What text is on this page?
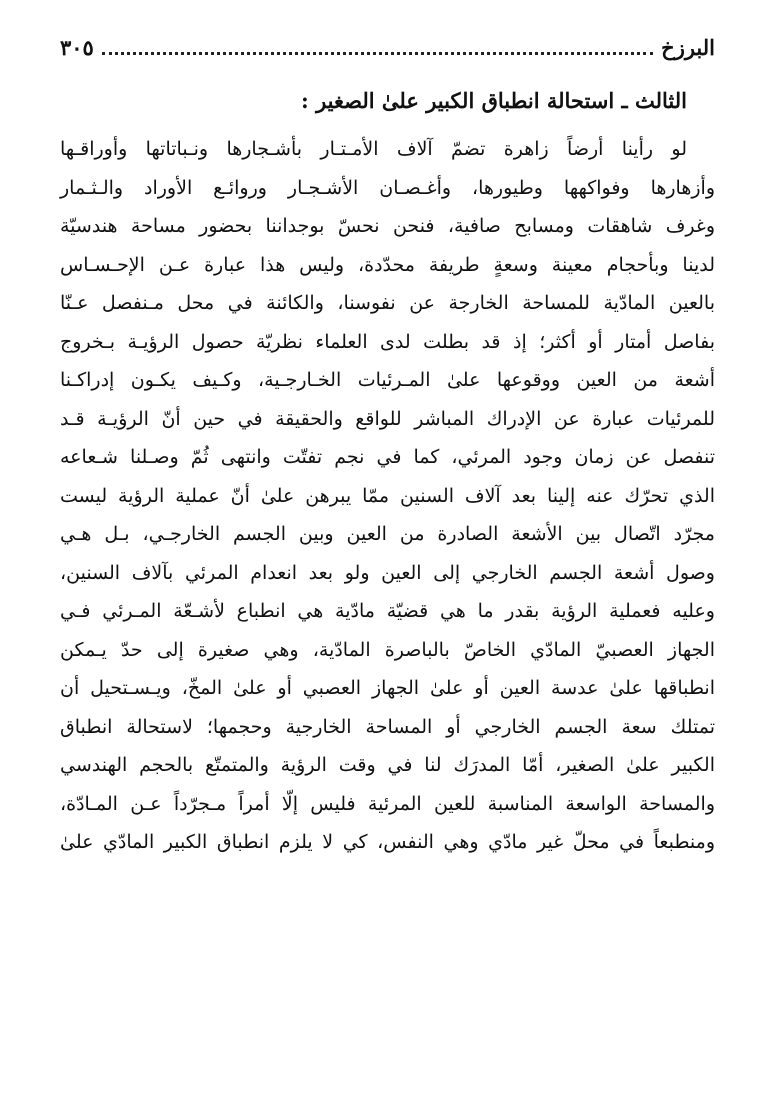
البرزخ
٣٠٥
الثالث ـ استحالة انطباق الكبير علىٰ الصغير :
لو رأينا أرضاً زاهرة تضمّ آلاف الأمـتـار بأشـجارها ونـباتاتها وأوراقـها
وأزهارها وفواكهها وطيورها، وأغـصـان الأشـجـار وروائـع الأوراد والـثـمار
وغرف شاهقات ومسابح صافية، فنحن نحسّ بوجداننا بحضور مساحة هندسيّة
لدينا وبأحجام معينة وسعةٍ طريفة محدّدة، وليس هذا عبارة عـن الإحـسـاس
بالعين المادّية للمساحة الخارجة عن نفوسنا، والكائنة في محل مـنفصل عـنّا
بفاصل أمتار أو أكثر؛ إذ قد بطلت لدى العلماء نظريّة حصول الرؤيـة بـخروج
أشعة من العين ووقوعها علىٰ المـرئيات الخـارجـية، وكـيف يكـون إدراكـنا
للمرئيات عبارة عن الإدراك المباشر للواقع والحقيقة في حين أنّ الرؤيـة قـد
تنفصل عن زمان وجود المرئي، كما في نجم تفتّت وانتهى ثُمّ وصـلنا شـعاعه
الذي تحرّك عنه إلينا بعد آلاف السنين ممّا يبرهن علىٰ أنّ عملية الرؤية ليست
مجرّد اتّصال بين الأشعة الصادرة من العين وبين الجسم الخارجـي، بـل هـي
وصول أشعة الجسم الخارجي إلى العين ولو بعد انعدام المرئي بآلاف السنين،
وعليه فعملية الرؤية بقدر ما هي قضيّة مادّية هي انطباع لأشـعّة المـرئي فـي
الجهاز العصبيّ المادّي الخاصّ بالباصرة المادّية، وهي صغيرة إلى حدّ يـمكن
انطباقها علىٰ عدسة العين أو علىٰ الجهاز العصبي أو علىٰ المخّ، ويـسـتحيل أن
تمتلك سعة الجسم الخارجي أو المساحة الخارجية وحجمها؛ لاستحالة انطباق
الكبير علىٰ الصغير، أمّا المدرَك لنا في وقت الرؤية والمتمتّع بالحجم الهندسي
والمساحة الواسعة المناسبة للعين المرئية فليس إلّا أمراً مـجرّداً عـن المـادّة،
ومنطبعاً في محلّ غير مادّي وهي النفس، كي لا يلزم انطباق الكبير المادّي علىٰ
